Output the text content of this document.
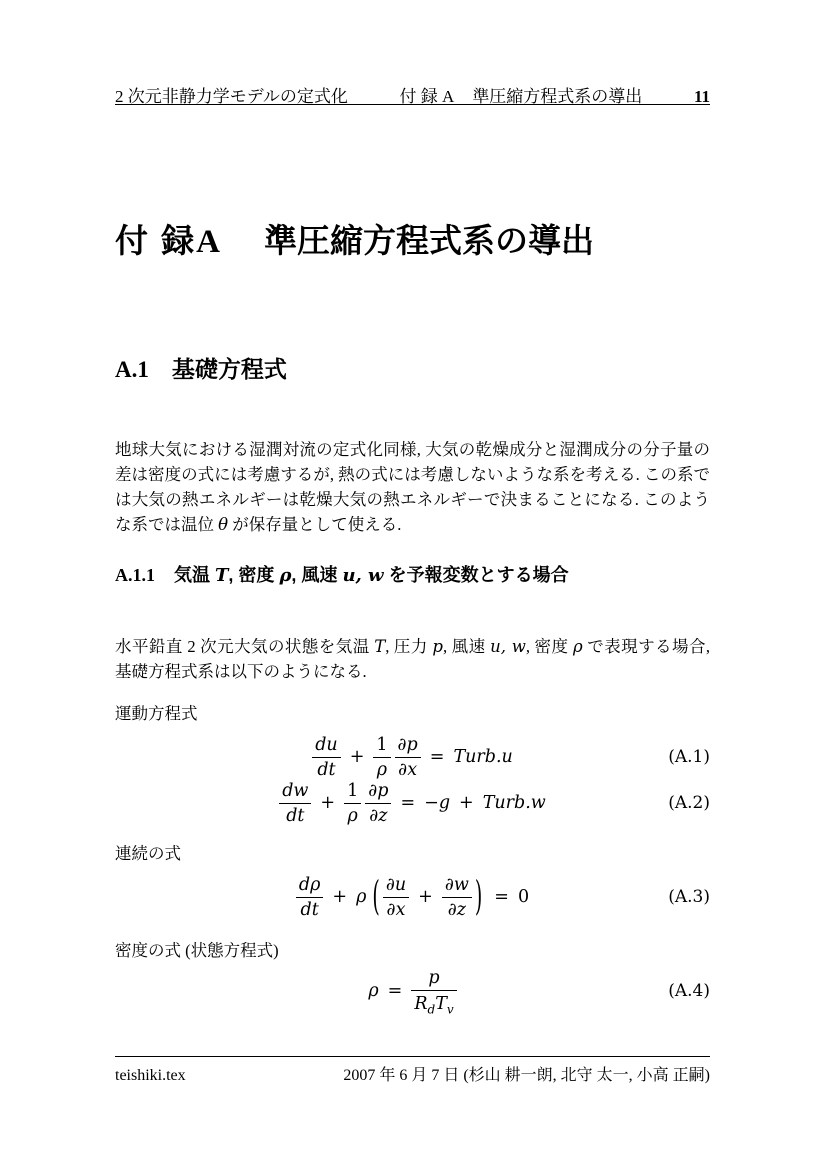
2 次元非静力学モデルの定式化	付 録 A 準圧縮方程式系の導出	11
付 録 A 準圧縮方程式系の導出
A.1 基礎方程式

地球大気における湿潤対流の定式化同様, 大気の乾燥成分と湿潤成分の分子量の差は密度の式には考慮するが, 熱の式には考慮しないような系を考える. この系では大気の熱エネルギーは乾燥大気の熱エネルギーで決まることになる. このような系では温位 θ が保存量として使える.

A.1.1 気温 T, 密度 ρ, 風速 u, w を予報変数とする場合

水平鉛直 2 次元大気の状態を気温 T, 圧力 p, 風速 u, w, 密度 ρ で表現する場合, 基礎方程式系は以下のようになる.

運動方程式
$\frac{du}{dt} + \frac{1}{\rho} \frac{\partial p}{\partial x}$ = Turb.u	(A.1)
$\frac{dw}{dt} + \frac{1}{\rho} \frac{\partial p}{\partial z}$ = − g + Turb.w	(A.2)
連続の式
$\frac{d\rho}{dt} + \rho$ ( $\frac{\partial u}{\partial x} + \frac{\partial w}{\partial z}$ ) = 0	(A.3)
密度の式 (状態方程式)
$\rho = \frac{p}{R_dT_v}$	(A.4)
teishiki.tex	2007 年 6 月 7 日 (杉山 耕一朗, 北守 太一, 小高 正嗣)
